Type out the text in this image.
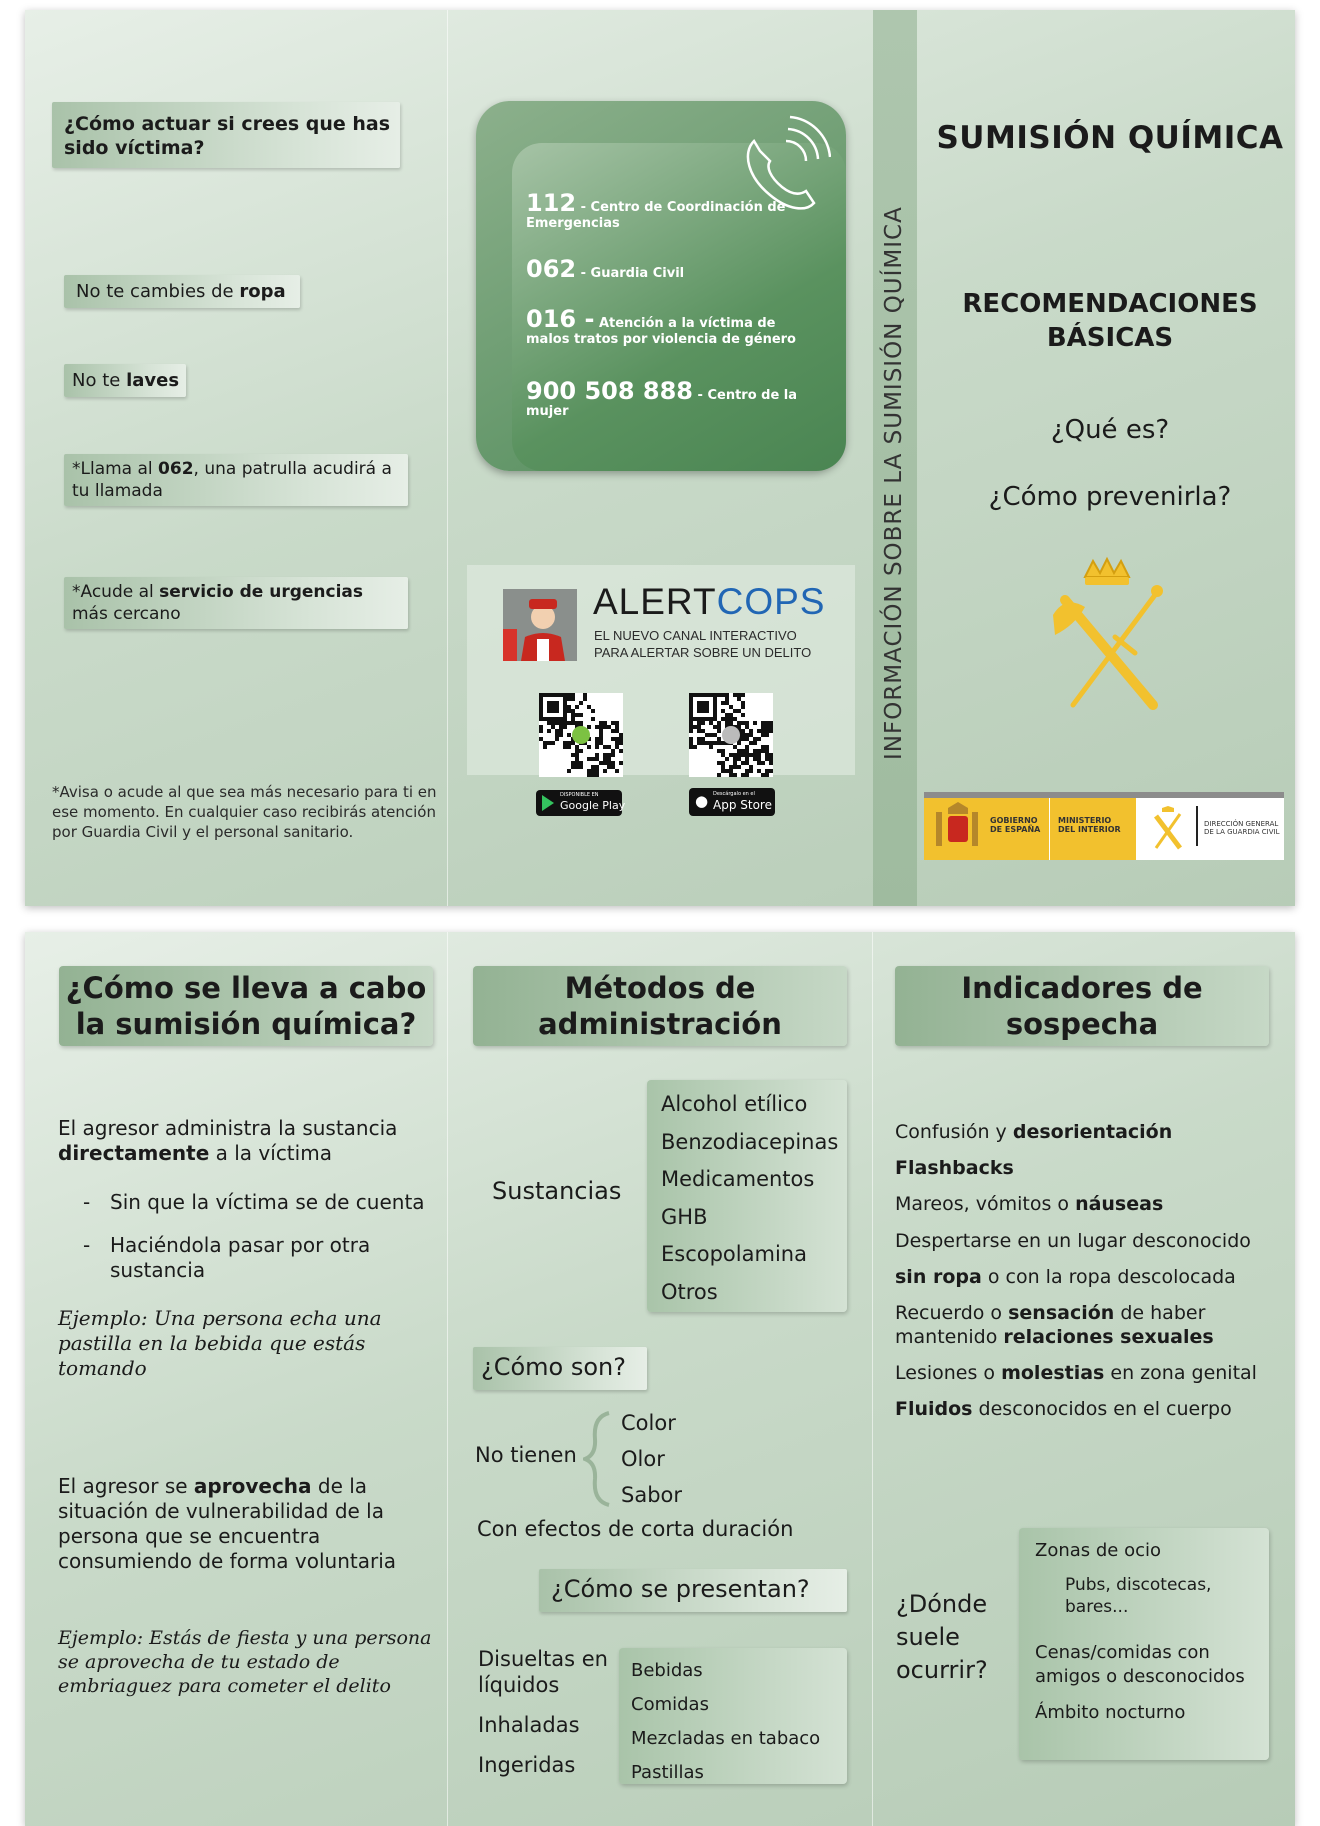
¿Cómo actuar si crees que has sido víctima?
No te cambies de ropa
No te laves
*Llama al 062, una patrulla acudirá a tu llamada
*Acude al servicio de urgencias más cercano
*Avisa o acude al que sea más necesario para ti en ese momento. En cualquier caso recibirás atención por Guardia Civil y el personal sanitario.
112 - Centro de Coordinación de Emergencias
062 - Guardia Civil
016 - Atención a la víctima de malos tratos por violencia de género
900 508 888 - Centro de la mujer
ALERTCOPS
EL NUEVO CANAL INTERACTIVO
PARA ALERTAR SOBRE UN DELITO
DISPONIBLE EN
Google Play	● Descárgalo en el
App Store
INFORMACIÓN SOBRE LA SUMISIÓN QUÍMICA
SUMISIÓN QUÍMICA
RECOMENDACIONES
BÁSICAS
¿Qué es?
¿Cómo prevenirla?
GOBIERNO
DE ESPAÑA
MINISTERIO
DEL INTERIOR
DIRECCIÓN GENERAL
DE LA GUARDIA CIVIL
¿Cómo se lleva a cabo la sumisión química?
El agresor administra la sustancia directamente a la víctima
- Sin que la víctima se de cuenta
- Haciéndola pasar por otra sustancia
Ejemplo: Una persona echa una pastilla en la bebida que estás tomando
El agresor se aprovecha de la situación de vulnerabilidad de la persona que se encuentra consumiendo de forma voluntaria
Ejemplo: Estás de fiesta y una persona se aprovecha de tu estado de embriaguez para cometer el delito
Métodos de administración
Sustancias
Alcohol etílico
Benzodiacepinas
Medicamentos
GHB
Escopolamina
Otros
¿Cómo son?
No tienen
Color
Olor
Sabor
Con efectos de corta duración
¿Cómo se presentan?
Disueltas en líquidos
Inhaladas
Ingeridas
Bebidas
Comidas
Mezcladas en tabaco
Pastillas
Indicadores de sospecha
Confusión y desorientación
Flashbacks
Mareos, vómitos o náuseas
Despertarse en un lugar desconocido
sin ropa o con la ropa descolocada
Recuerdo o sensación de haber mantenido relaciones sexuales
Lesiones o molestias en zona genital
Fluidos desconocidos en el cuerpo
¿Dónde suele ocurrir?
Zonas de ocio
Pubs, discotecas, bares...
Cenas/comidas con amigos o desconocidos
Ámbito nocturno
